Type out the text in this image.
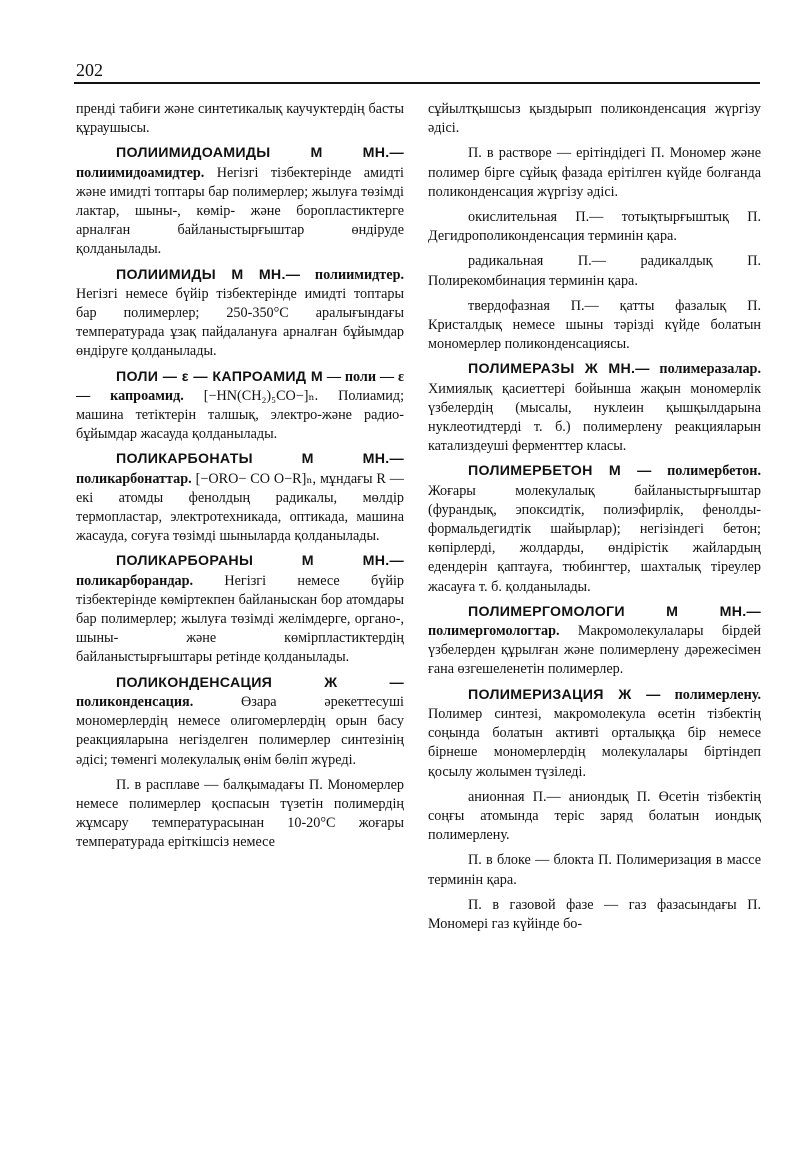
202

пренді табиғи және синтетикалық каучуктердің басты құраушысы.

ПОЛИИМИДОАМИДЫ М МН.— полиимидоамидтер. Негізгі тізбектерінде амидті және имидті топтары бар полимерлер; жылуға төзімді лактар, шыны-, көмір- және боропластиктерге арналған байланыстырғыштар өндіруде қолданылады.

ПОЛИИМИДЫ М МН.— полиимидтер. Негізгі немесе бүйір тізбектерінде имидті топтары бар полимерлер; 250-350°С аралығындағы температурада ұзақ пайдалануға арналған бұйымдар өндіруге қолданылады.

ПОЛИ — ε — КАПРОАМИД М — поли — ε — капроамид. [−HN(CH₂)₅CO−]ₙ. Полиамид; машина тетіктерін талшық, электро-және радио-бұйымдар жасауда қолданылады.

ПОЛИКАРБОНАТЫ М МН.— поликарбонаттар. [−ORO− CO O−R]ₙ, мұндағы R — екі атомды фенолдың радикалы, мөлдір термопластар, электротехникада, оптикада, машина жасауда, соғуға төзімді шыныларда қолданылады.

ПОЛИКАРБОРАНЫ М МН.— поликарборандар. Негізгі немесе бүйір тізбектерінде көміртекпен байланыскан бор атомдары бар полимерлер; жылуға төзімді желімдерге, органо-, шыны- және көмірпластиктердің байланыстырғыштары ретінде қолданылады.

ПОЛИКОНДЕНСАЦИЯ Ж — поликонденсация.	Өзара әрекеттесуші мономерлердің немесе олигомерлердің орын басу реакцияларына негізделген полимерлер синтезінің әдісі; төменгі молекулалық өнім бөліп жүреді.

П. в расплаве — балқымадағы П. Мономерлер немесе полимерлер қоспасын түзетін полимердің жұмсару температурасынан 10-20°С жоғары температурада еріткішсіз немесе

сұйылтқышсыз қыздырып поликонденсация жүргізу әдісі.

П. в растворе — ерітіндідегі П. Мономер және полимер бірге сұйық фазада ерітілген күйде болғанда поликонденсация жүргізу әдісі.

окислительная П.— тотықтырғыштық П. Дегидрополиконденсация терминін қара.

радикальная П.— радикалдық П. Полирекомбинация терминін қара.

твердофазная П.— қатты фазалық П. Кристалдық немесе шыны тәрізді күйде болатын мономерлер поликонденсациясы.

ПОЛИМЕРАЗЫ Ж МН.— полимеразалар. Химиялық қасиеттері бойынша жақын мономерлік үзбелердің (мысалы, нуклеин қышқылдарына нуклеотидтерді т. б.) полимерлену реакцияларын катализдеуші ферменттер класы.

ПОЛИМЕРБЕТОН М — полимербетон. Жоғары молекулалық байланыстырғыштар (фурандық, эпоксидтік, полиэфирлік, фенолды-формальдегидтік шайырлар); негізіндегі бетон; көпірлерді, жолдарды, өндірістік жайлардың едендерін қаптауға, тюбингтер, шахталық тіреулер жасауға т. б. қолданылады.

ПОЛИМЕРГОМОЛОГИ М МН.— полимергомологтар. Макромолекулалары бірдей үзбелерден құрылған және полимерлену дәрежесімен ғана өзгешеленетін полимерлер.

ПОЛИМЕРИЗАЦИЯ Ж — полимерлену. Полимер синтезі, макромолекула өсетін тізбектің соңында болатын активті орталыққа бір немесе бірнеше мономерлердің молекулалары біртіндеп қосылу жолымен түзіледі.

анионная П.— аниондық П. Өсетін тізбектің соңғы атомында теріс заряд болатын иондық полимерлену.

П. в блоке — блокта П. Полимеризация в массе терминін қара.

П. в газовой фазе — газ фазасындағы П. Мономері газ күйінде бо-
